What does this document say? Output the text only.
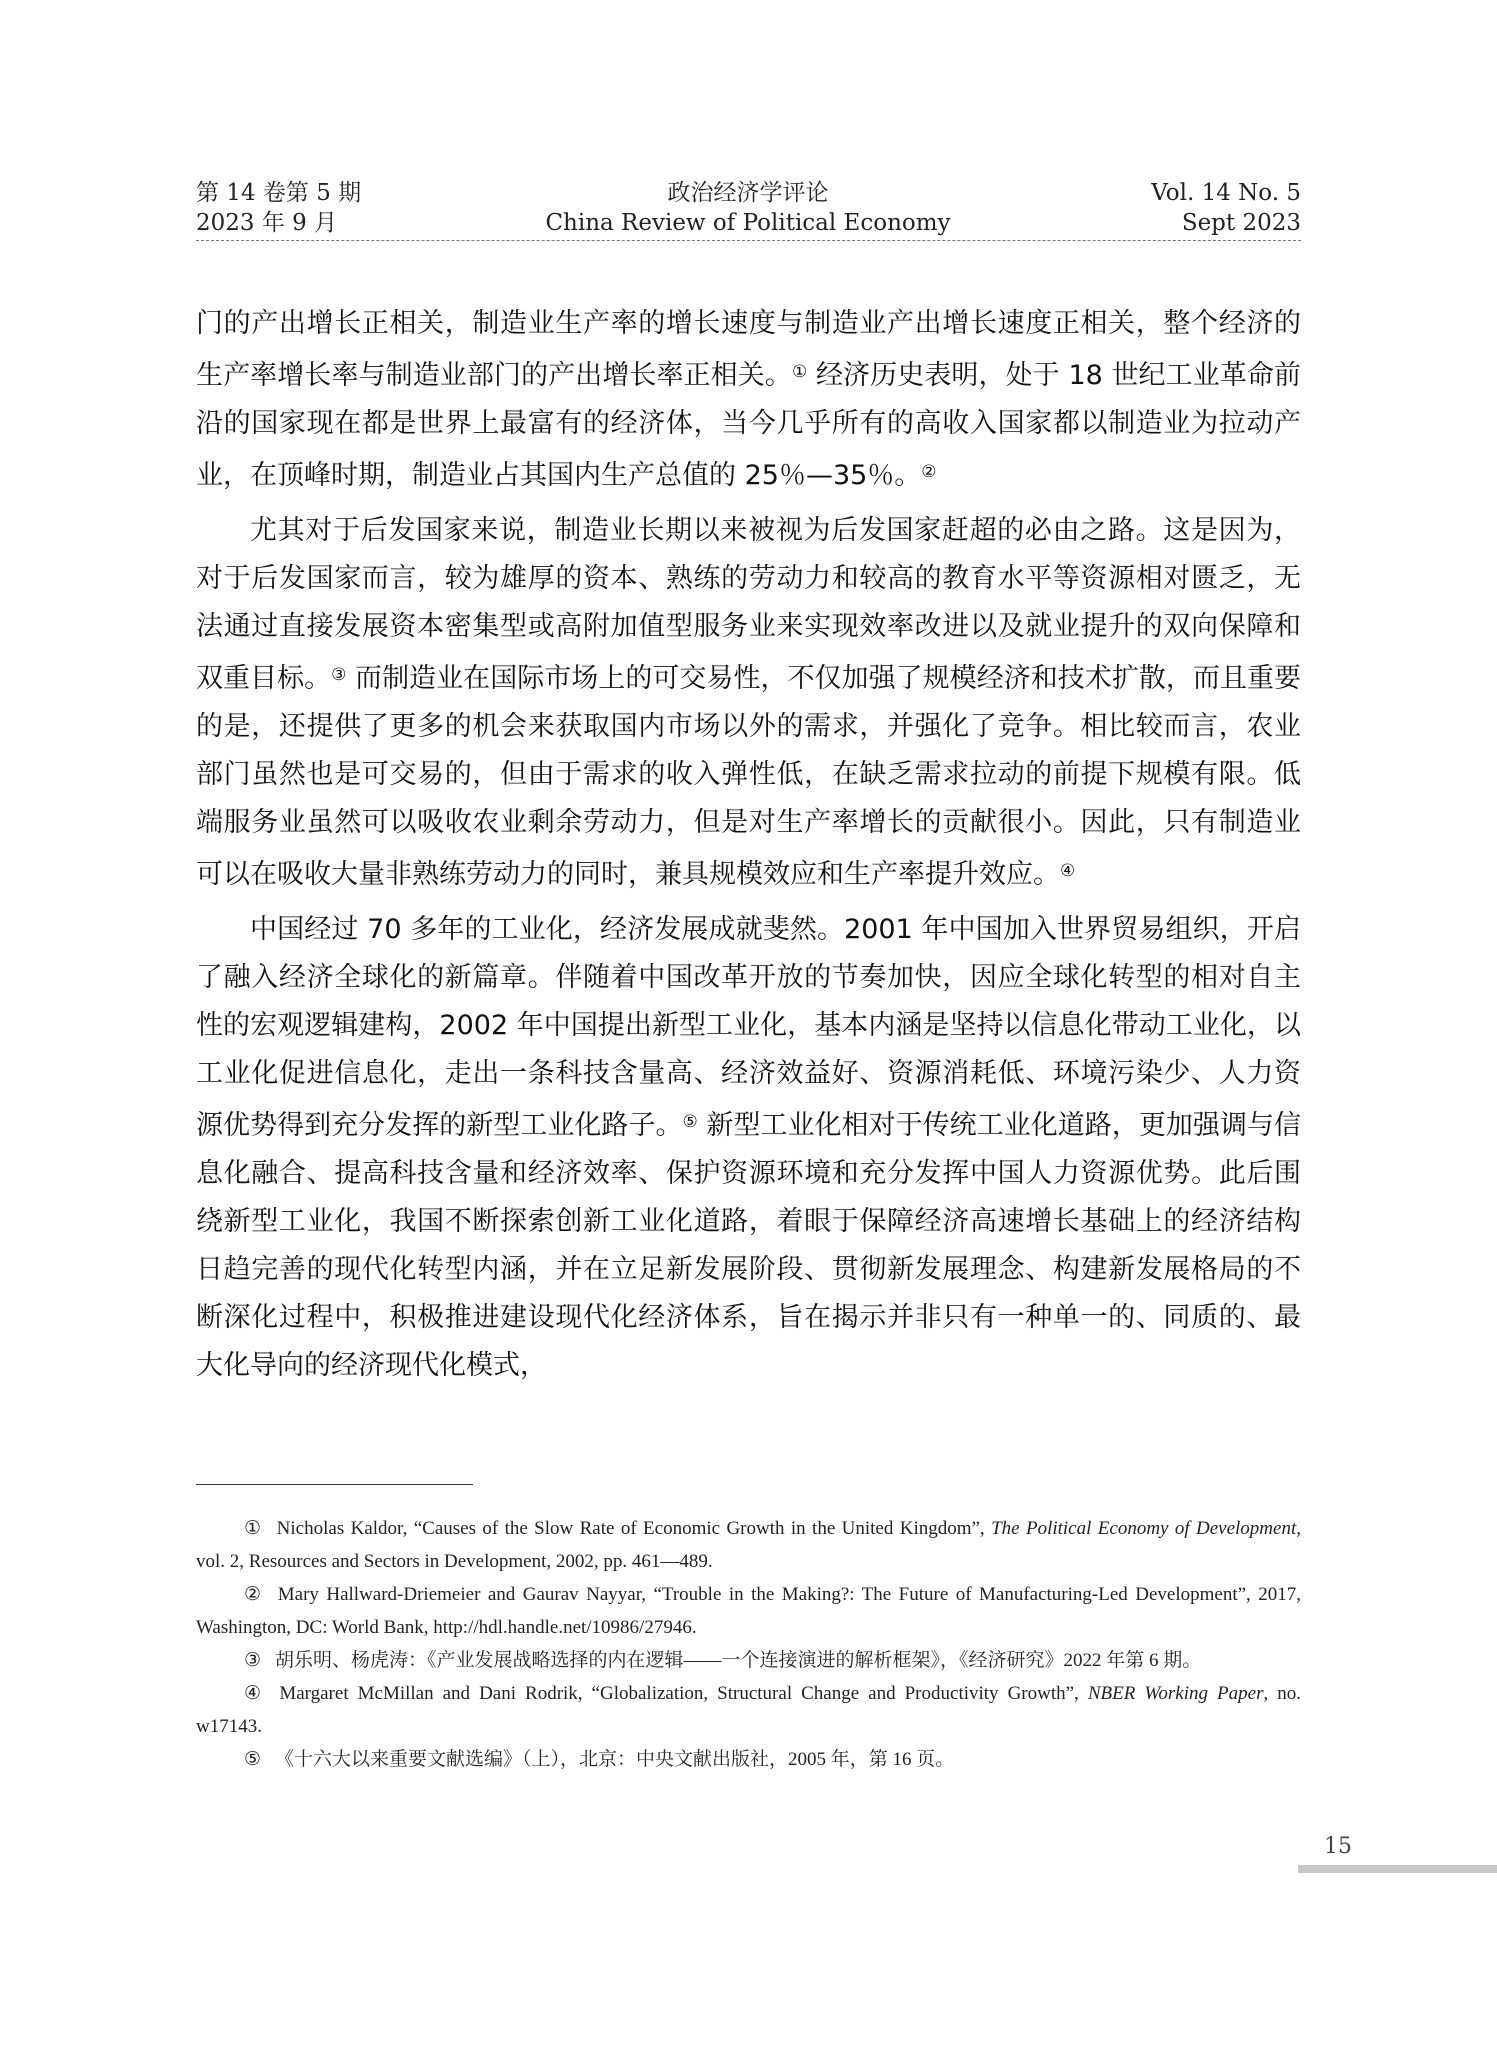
第 14 卷第 5 期
2023 年 9 月
政治经济学评论
China Review of Political Economy
Vol. 14 No. 5
Sept 2023

门的产出增长正相关，制造业生产率的增长速度与制造业产出增长速度正相关，整个经济的生产率增长率与制造业部门的产出增长率正相关。① 经济历史表明，处于 18 世纪工业革命前沿的国家现在都是世界上最富有的经济体，当今几乎所有的高收入国家都以制造业为拉动产业，在顶峰时期，制造业占其国内生产总值的 25％—35％。②

尤其对于后发国家来说，制造业长期以来被视为后发国家赶超的必由之路。这是因为，对于后发国家而言，较为雄厚的资本、熟练的劳动力和较高的教育水平等资源相对匮乏，无法通过直接发展资本密集型或高附加值型服务业来实现效率改进以及就业提升的双向保障和双重目标。③ 而制造业在国际市场上的可交易性，不仅加强了规模经济和技术扩散，而且重要的是，还提供了更多的机会来获取国内市场以外的需求，并强化了竞争。相比较而言，农业部门虽然也是可交易的，但由于需求的收入弹性低，在缺乏需求拉动的前提下规模有限。低端服务业虽然可以吸收农业剩余劳动力，但是对生产率增长的贡献很小。因此，只有制造业可以在吸收大量非熟练劳动力的同时，兼具规模效应和生产率提升效应。④

中国经过 70 多年的工业化，经济发展成就斐然。2001 年中国加入世界贸易组织，开启了融入经济全球化的新篇章。伴随着中国改革开放的节奏加快，因应全球化转型的相对自主性的宏观逻辑建构，2002 年中国提出新型工业化，基本内涵是坚持以信息化带动工业化，以工业化促进信息化，走出一条科技含量高、经济效益好、资源消耗低、环境污染少、人力资源优势得到充分发挥的新型工业化路子。⑤ 新型工业化相对于传统工业化道路，更加强调与信息化融合、提高科技含量和经济效率、保护资源环境和充分发挥中国人力资源优势。此后围绕新型工业化，我国不断探索创新工业化道路，着眼于保障经济高速增长基础上的经济结构日趋完善的现代化转型内涵，并在立足新发展阶段、贯彻新发展理念、构建新发展格局的不断深化过程中，积极推进建设现代化经济体系，旨在揭示并非只有一种单一的、同质的、最大化导向的经济现代化模式，

① Nicholas Kaldor, “Causes of the Slow Rate of Economic Growth in the United Kingdom”, The Political Economy of Development, vol. 2, Resources and Sectors in Development, 2002, pp. 461—489.
② Mary Hallward-Driemeier and Gaurav Nayyar, “Trouble in the Making?: The Future of Manufacturing-Led Development”, 2017, Washington, DC: World Bank, http://hdl.handle.net/10986/27946.
③ 胡乐明、杨虎涛：《产业发展战略选择的内在逻辑——一个连接演进的解析框架》，《经济研究》2022 年第 6 期。
④ Margaret McMillan and Dani Rodrik, “Globalization, Structural Change and Productivity Growth”, NBER Working Paper, no. w17143.
⑤ 《十六大以来重要文献选编》（上），北京：中央文献出版社，2005 年，第 16 页。
15
